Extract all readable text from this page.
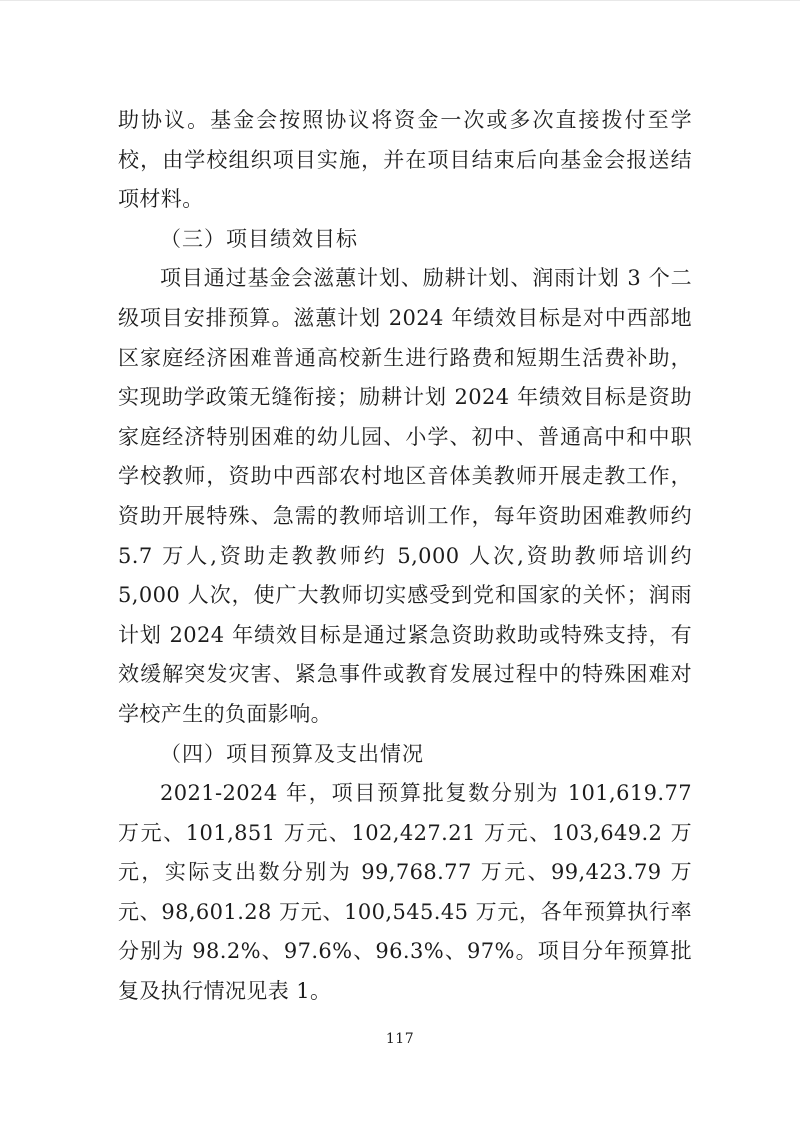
助协议。基金会按照协议将资金一次或多次直接拨付至学校，由学校组织项目实施，并在项目结束后向基金会报送结项材料。

（三）项目绩效目标

项目通过基金会滋蕙计划、励耕计划、润雨计划 3 个二级项目安排预算。滋蕙计划 2024 年绩效目标是对中西部地区家庭经济困难普通高校新生进行路费和短期生活费补助，实现助学政策无缝衔接；励耕计划 2024 年绩效目标是资助家庭经济特别困难的幼儿园、小学、初中、普通高中和中职学校教师，资助中西部农村地区音体美教师开展走教工作，资助开展特殊、急需的教师培训工作，每年资助困难教师约 5.7 万人,资助走教教师约 5,000 人次,资助教师培训约 5,000 人次，使广大教师切实感受到党和国家的关怀；润雨计划 2024 年绩效目标是通过紧急资助救助或特殊支持，有效缓解突发灾害、紧急事件或教育发展过程中的特殊困难对学校产生的负面影响。

（四）项目预算及支出情况

2021-2024 年，项目预算批复数分别为 101,619.77 万元、101,851 万元、102,427.21 万元、103,649.2 万元，实际支出数分别为 99,768.77 万元、99,423.79 万元、98,601.28 万元、100,545.45 万元，各年预算执行率分别为 98.2%、97.6%、96.3%、97%。项目分年预算批复及执行情况见表 1。

117
